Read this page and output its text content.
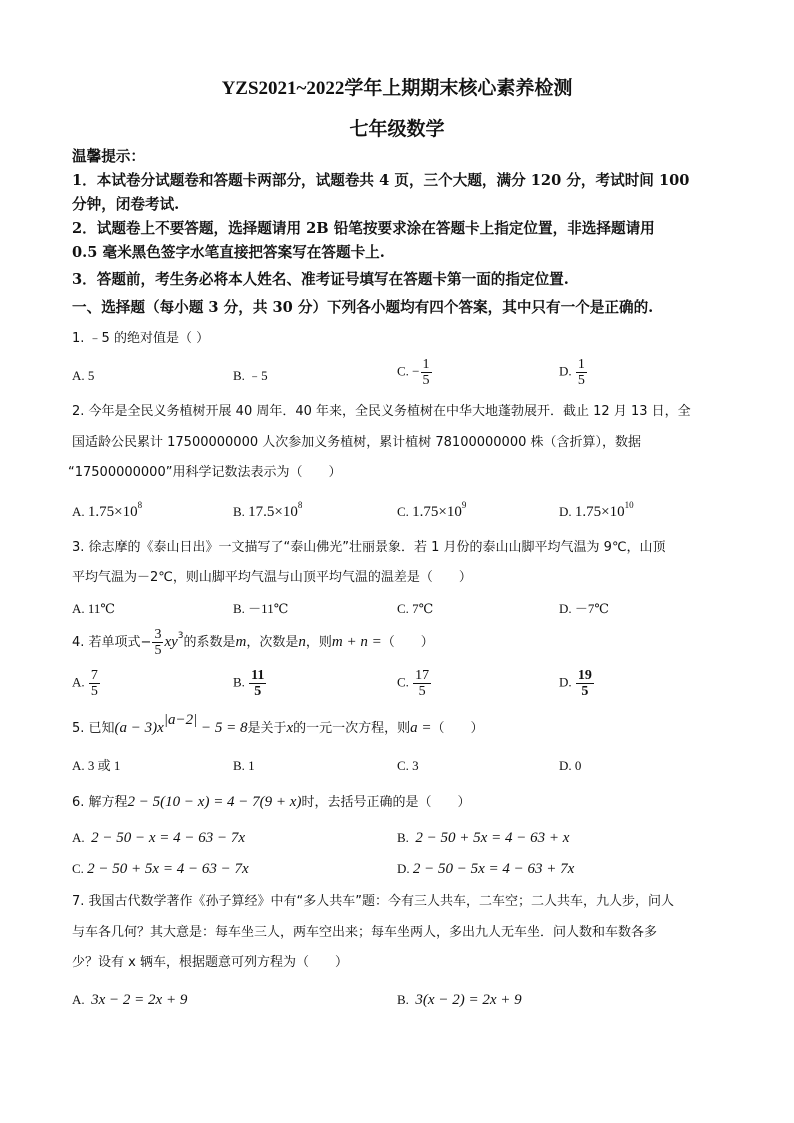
YZS2021~2022学年上期期末核心素养检测
七年级数学
温馨提示：
1．本试卷分试题卷和答题卡两部分，试题卷共 4 页，三个大题，满分 120 分，考试时间 100
分钟，闭卷考试.
2．试题卷上不要答题，选择题请用 2B 铅笔按要求涂在答题卡上指定位置，非选择题请用
0.5 毫米黑色签字水笔直接把答案写在答题卡上.
3．答题前，考生务必将本人姓名、准考证号填写在答题卡第一面的指定位置.
一、选择题（每小题 3 分，共 30 分）下列各小题均有四个答案，其中只有一个是正确的.
1. ﹣5 的绝对值是（ ）
A. 5	B. ﹣5	C. − $\frac{1}{5}$	D. $\frac{1}{5}$
2. 今年是全民义务植树开展 40 周年．40 年来，全民义务植树在中华大地蓬勃展开．截止 12 月 13 日，全
国适龄公民累计 17500000000 人次参加义务植树，累计植树 78100000000 株（含折算），数据
“17500000000”用科学记数法表示为（　　）
A. $1.75\times 10^8$	B. $17.5\times 10^8$	C. $1.75\times 10^9$	D. $1.75\times 10^{10}$
3. 徐志摩的《泰山日出》一文描写了“泰山佛光”壮丽景象．若 1 月份的泰山山脚平均气温为 9℃，山顶
平均气温为－2℃，则山脚平均气温与山顶平均气温的温差是（　　）
A. 11℃	B. －11℃	C. 7℃	D. －7℃
4. 若单项式− $\frac{3}{5} xy^3$的系数是m，次数是n，则m + n =（　　）
A. $\frac{7}{5}$	B. $\frac{11}{5}$	C. $\frac{17}{5}$	D. $\frac{19}{5}$
5. 已知$(a - 3)x^{|a-2|} - 5 = 8$是关于x的一元一次方程，则a =（　　）
A. 3 或 1	B. 1	C. 3	D. 0
6. 解方程2 − 5(10 − x) = 4 − 7(9 + x)时，去括号正确的是（　　）
A. 2 − 50 − x = 4 − 63 − 7x	B. 2 − 50 + 5x = 4 − 63 + x
C. 2 − 50 + 5x = 4 − 63 − 7x	D. 2 − 50 − 5x = 4 − 63 + 7x
7. 我国古代数学著作《孙子算经》中有“多人共车”题：今有三人共车，二车空；二人共车，九人步，问人
与车各几何？其大意是：每车坐三人，两车空出来；每车坐两人，多出九人无车坐．问人数和车数各多
少？设有 x 辆车，根据题意可列方程为（　　）
A. 3x − 2 = 2x + 9	B. 3(x − 2) = 2x + 9
